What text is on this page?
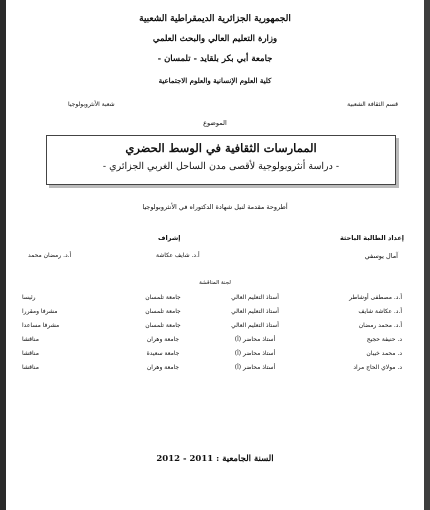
الجمهورية الجزائرية الديمقراطية الشعبية
وزارة التعليم العالي والبحث العلمي
جامعة أبي بكر بلقايد - تلمسان -
كلية العلوم الإنسانية والعلوم الاجتماعية
قسم الثقافة الشعبية
شعبة الأنثروبولوجيا
الموضوع
الممارسات الثقافية في الوسط الحضري
- دراسة أنثروبولوجية لأقصى مدن الساحل الغربي الجزائري -
أطروحة مقدمة لنيل شهادة الدكتوراه في الأنثروبولوجيا
إعداد الطالبة الباحثة
إشراف
آمال يوسفي
أ.د. شايف عكاشة
أ.د. رمضان محمد
لجنة المناقشة
أ.د. مصطفى أوشاطر	أستاذ التعليم العالي	جامعة تلمسان	رئيسا
أ.د. عكاشة شايف	أستاذ التعليم العالي	جامعة تلمسان	مشرفا ومقررا
أ.د. محمد رمضان	أستاذ التعليم العالي	جامعة تلمسان	مشرفا مساعدا
د. حنيفة حجيج	أستاذ محاضر (أ)	جامعة وهران	مناقشا
د. محمد خيبان	أستاذ محاضر (أ)	جامعة سعيدة	مناقشا
د. مولاي الحاج مراد	أستاذ محاضر (أ)	جامعة وهران	مناقشا
السنة الجامعية : 2011 - 2012
